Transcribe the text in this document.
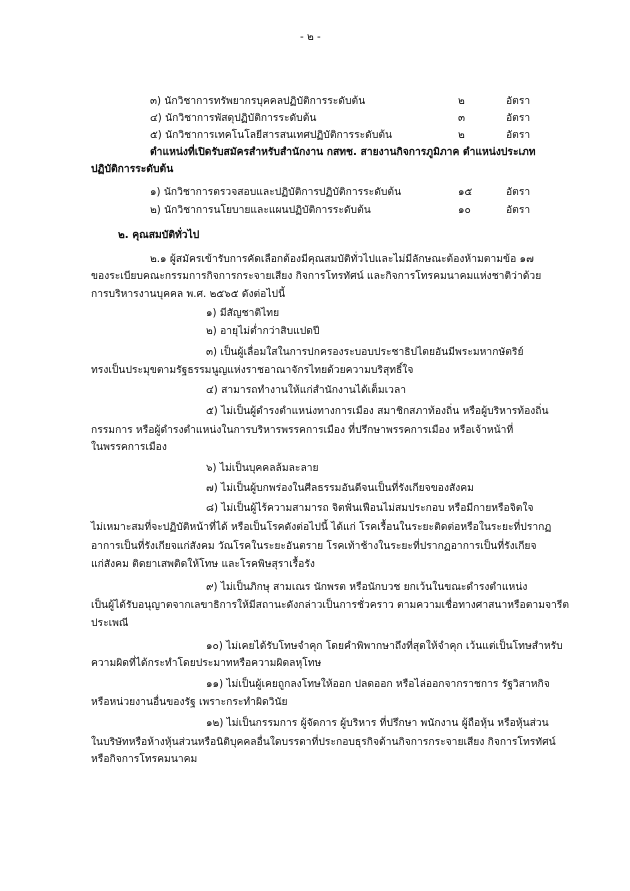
- ๒ -
๓) นักวิชาการทรัพยากรบุคคลปฏิบัติการระดับต้น	๒	อัตรา
๔) นักวิชาการพัสดุปฏิบัติการระดับต้น	๓	อัตรา
๕) นักวิชาการเทคโนโลยีสารสนเทศปฏิบัติการระดับต้น	๒	อัตรา
ตำแหน่งที่เปิดรับสมัครสำหรับสำนักงาน กสทช. สายงานกิจการภูมิภาค ตำแหน่งประเภท
ปฏิบัติการระดับต้น
๑) นักวิชาการตรวจสอบและปฏิบัติการปฏิบัติการระดับต้น	๑๕	อัตรา
๒) นักวิชาการนโยบายและแผนปฏิบัติการระดับต้น	๑๐	อัตรา
๒. คุณสมบัติทั่วไป
๒.๑ ผู้สมัครเข้ารับการคัดเลือกต้องมีคุณสมบัติทั่วไปและไม่มีลักษณะต้องห้ามตามข้อ ๑๗
ของระเบียบคณะกรรมการกิจการกระจายเสียง กิจการโทรทัศน์ และกิจการโทรคมนาคมแห่งชาติว่าด้วย
การบริหารงานบุคคล พ.ศ. ๒๕๖๕ ดังต่อไปนี้
๑) มีสัญชาติไทย
๒) อายุไม่ต่ำกว่าสิบแปดปี
๓) เป็นผู้เลื่อมใสในการปกครองระบอบประชาธิปไตยอันมีพระมหากษัตริย์
ทรงเป็นประมุขตามรัฐธรรมนูญแห่งราชอาณาจักรไทยด้วยความบริสุทธิ์ใจ
๔) สามารถทำงานให้แก่สำนักงานได้เต็มเวลา
๕) ไม่เป็นผู้ดำรงตำแหน่งทางการเมือง สมาชิกสภาท้องถิ่น หรือผู้บริหารท้องถิ่น
กรรมการ หรือผู้ดำรงตำแหน่งในการบริหารพรรคการเมือง ที่ปรึกษาพรรคการเมือง หรือเจ้าหน้าที่
ในพรรคการเมือง
๖) ไม่เป็นบุคคลล้มละลาย
๗) ไม่เป็นผู้บกพร่องในศีลธรรมอันดีจนเป็นที่รังเกียจของสังคม
๘) ไม่เป็นผู้ไร้ความสามารถ จิตฟั่นเฟือนไม่สมประกอบ หรือมีกายหรือจิตใจ
ไม่เหมาะสมที่จะปฏิบัติหน้าที่ได้ หรือเป็นโรคดังต่อไปนี้ ได้แก่ โรคเรื้อนในระยะติดต่อหรือในระยะที่ปรากฏ
อาการเป็นที่รังเกียจแก่สังคม วัณโรคในระยะอันตราย โรคเท้าช้างในระยะที่ปรากฏอาการเป็นที่รังเกียจ
แก่สังคม ติดยาเสพติดให้โทษ และโรคพิษสุราเรื้อรัง
๙) ไม่เป็นภิกษุ สามเณร นักพรต หรือนักบวช ยกเว้นในขณะดำรงตำแหน่ง
เป็นผู้ได้รับอนุญาตจากเลขาธิการให้มีสถานะดังกล่าวเป็นการชั่วคราว ตามความเชื่อทางศาสนาหรือตามจารีต
ประเพณี
๑๐) ไม่เคยได้รับโทษจำคุก โดยคำพิพากษาถึงที่สุดให้จำคุก เว้นแต่เป็นโทษสำหรับ
ความผิดที่ได้กระทำโดยประมาทหรือความผิดลหุโทษ
๑๑) ไม่เป็นผู้เคยถูกลงโทษให้ออก ปลดออก หรือไล่ออกจากราชการ รัฐวิสาหกิจ
หรือหน่วยงานอื่นของรัฐ เพราะกระทำผิดวินัย
๑๒) ไม่เป็นกรรมการ ผู้จัดการ ผู้บริหาร ที่ปรึกษา พนักงาน ผู้ถือหุ้น หรือหุ้นส่วน
ในบริษัทหรือห้างหุ้นส่วนหรือนิติบุคคลอื่นใดบรรดาที่ประกอบธุรกิจด้านกิจการกระจายเสียง กิจการโทรทัศน์
หรือกิจการโทรคมนาคม
